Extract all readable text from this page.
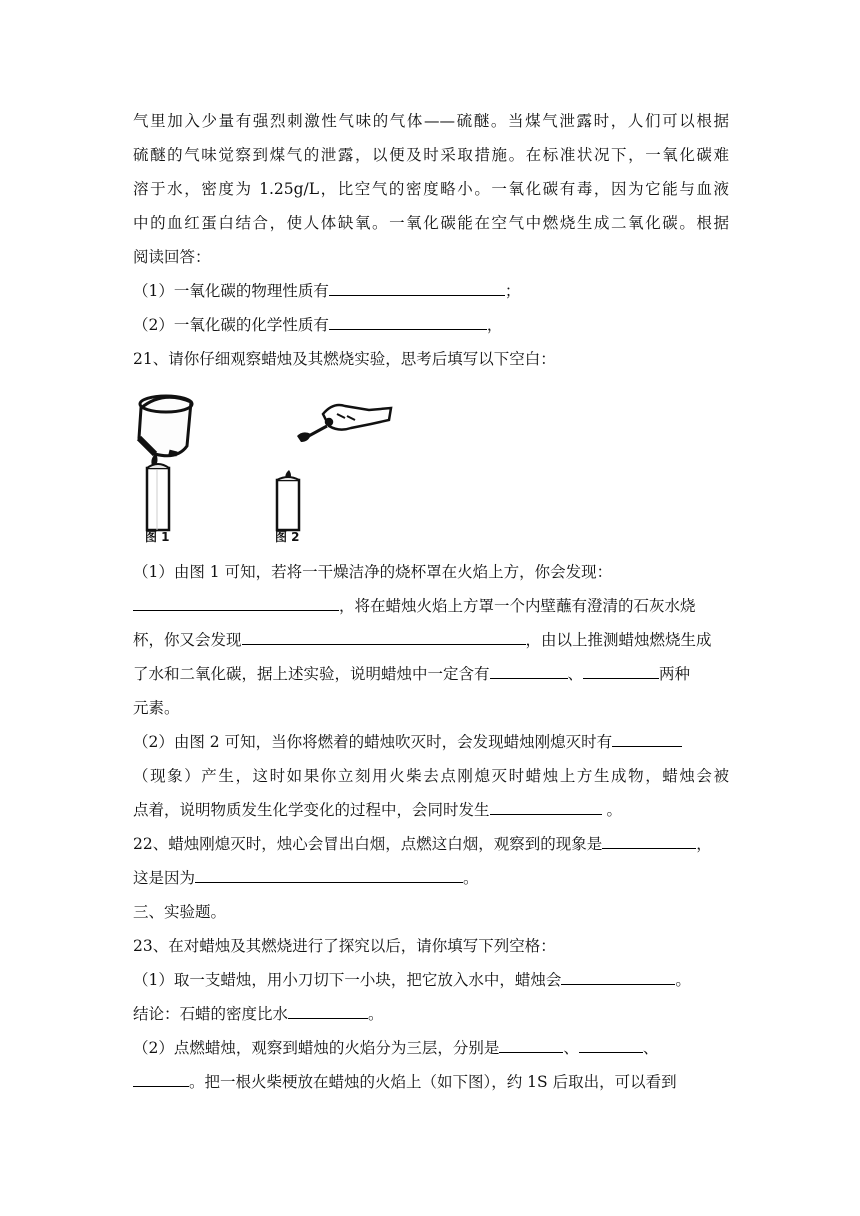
气里加入少量有强烈刺激性气味的气体——硫醚。当煤气泄露时，人们可以根据
硫醚的气味觉察到煤气的泄露，以便及时采取措施。在标准状况下，一氧化碳难
溶于水，密度为 1.25g/L，比空气的密度略小。一氧化碳有毒，因为它能与血液
中的血红蛋白结合，使人体缺氧。一氧化碳能在空气中燃烧生成二氧化碳。根据
阅读回答：
（1）一氧化碳的物理性质有	；
（2）一氧化碳的化学性质有	，
21、请你仔细观察蜡烛及其燃烧实验，思考后填写以下空白：
图 1	图 2
（1）由图 1 可知，若将一干燥洁净的烧杯罩在火焰上方，你会发现：
，将在蜡烛火焰上方罩一个内壁蘸有澄清的石灰水烧
杯，你又会发现	，由以上推测蜡烛燃烧生成
了水和二氧化碳，据上述实验，说明蜡烛中一定含有	、	两种
元素。
（2）由图 2 可知，当你将燃着的蜡烛吹灭时，会发现蜡烛刚熄灭时有
（现象）产生，这时如果你立刻用火柴去点刚熄灭时蜡烛上方生成物，蜡烛会被
点着，说明物质发生化学变化的过程中，会同时发生	。
22、蜡烛刚熄灭时，烛心会冒出白烟，点燃这白烟，观察到的现象是	，
这是因为	。
三、实验题。
23、在对蜡烛及其燃烧进行了探究以后，请你填写下列空格：
（1）取一支蜡烛，用小刀切下一小块，把它放入水中，蜡烛会	。
结论：石蜡的密度比水	。
（2）点燃蜡烛，观察到蜡烛的火焰分为三层，分别是	、	、
。把一根火柴梗放在蜡烛的火焰上（如下图），约 1S 后取出，可以看到
